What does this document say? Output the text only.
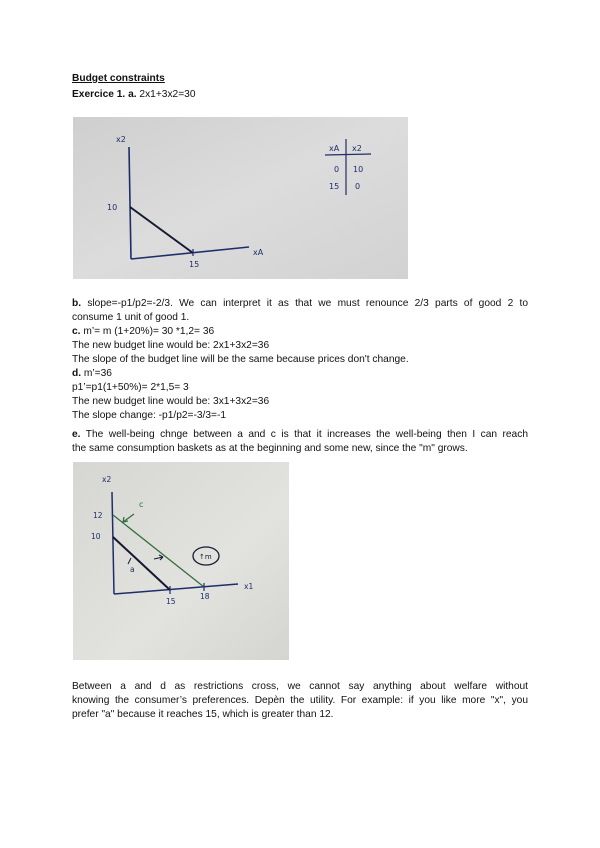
Budget constraints
Exercice 1. a. 2x1+3x2=30
x2
xA
10
15
xA x2
0 10
15 0
b. slope=-p1/p2=-2/3. We can interpret it as that we must renounce 2/3 parts of good 2 to
consume 1 unit of good 1.
c. m’= m (1+20%)= 30 *1,2= 36
The new budget line would be: 2x1+3x2=36
The slope of the budget line will be the same because prices don't change.
d. m’=36
p1’=p1(1+50%)= 2*1,5= 3
The new budget line would be: 3x1+3x2=36
The slope change: -p1/p2=-3/3=-1
e. The well-being chnge between a and c is that it increases the well-being then I can reach
the same consumption baskets as at the beginning and some new, since the "m" grows.
x2
x1
12
10
15
18
a
↑m
c
Between a and d as restrictions cross, we cannot say anything about welfare without
knowing the consumer’s preferences. Depèn the utility. For example: if you like more "x", you
prefer "a" because it reaches 15, which is greater than 12.
